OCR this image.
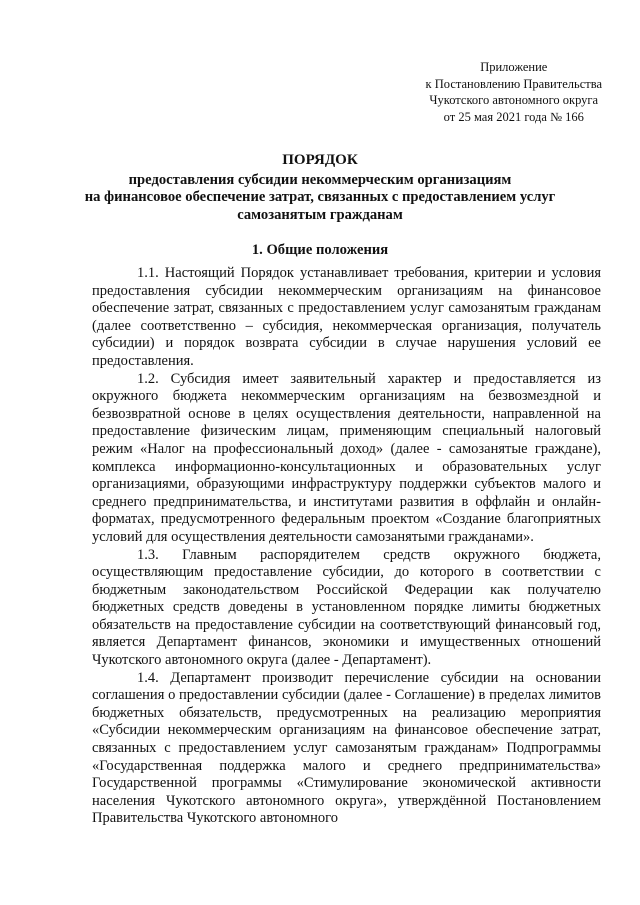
Приложение
к Постановлению Правительства
Чукотского автономного округа
от 25 мая 2021 года № 166
ПОРЯДОК
предоставления субсидии некоммерческим организациям
на финансовое обеспечение затрат, связанных с предоставлением услуг
самозанятым гражданам
1. Общие положения

1.1. Настоящий Порядок устанавливает требования, критерии и условия предоставления субсидии некоммерческим организациям на финансовое обеспечение затрат, связанных с предоставлением услуг самозанятым гражданам (далее соответственно – субсидия, некоммерческая организация, получатель субсидии) и порядок возврата субсидии в случае нарушения условий ее предоставления.

1.2. Субсидия имеет заявительный характер и предоставляется из окружного бюджета некоммерческим организациям на безвозмездной и безвозвратной основе в целях осуществления деятельности, направленной на предоставление физическим лицам, применяющим специальный налоговый режим «Налог на профессиональный доход» (далее - самозанятые граждане), комплекса информационно-консультационных и образовательных услуг организациями, образующими инфраструктуру поддержки субъектов малого и среднего предпринимательства, и институтами развития в оффлайн и онлайн-форматах, предусмотренного федеральным проектом «Создание благоприятных условий для осуществления деятельности самозанятыми гражданами».

1.3. Главным распорядителем средств окружного бюджета, осуществляющим предоставление субсидии, до которого в соответствии с бюджетным законодательством Российской Федерации как получателю бюджетных средств доведены в установленном порядке лимиты бюджетных обязательств на предоставление субсидии на соответствующий финансовый год, является Департамент финансов, экономики и имущественных отношений Чукотского автономного округа (далее - Департамент).

1.4. Департамент производит перечисление субсидии на основании соглашения о предоставлении субсидии (далее - Соглашение) в пределах лимитов бюджетных обязательств, предусмотренных на реализацию мероприятия «Субсидии некоммерческим организациям на финансовое обеспечение затрат, связанных с предоставлением услуг самозанятым гражданам» Подпрограммы «Государственная поддержка малого и среднего предпринимательства» Государственной программы «Стимулирование экономической активности населения Чукотского автономного округа», утверждённой Постановлением Правительства Чукотского автономного
